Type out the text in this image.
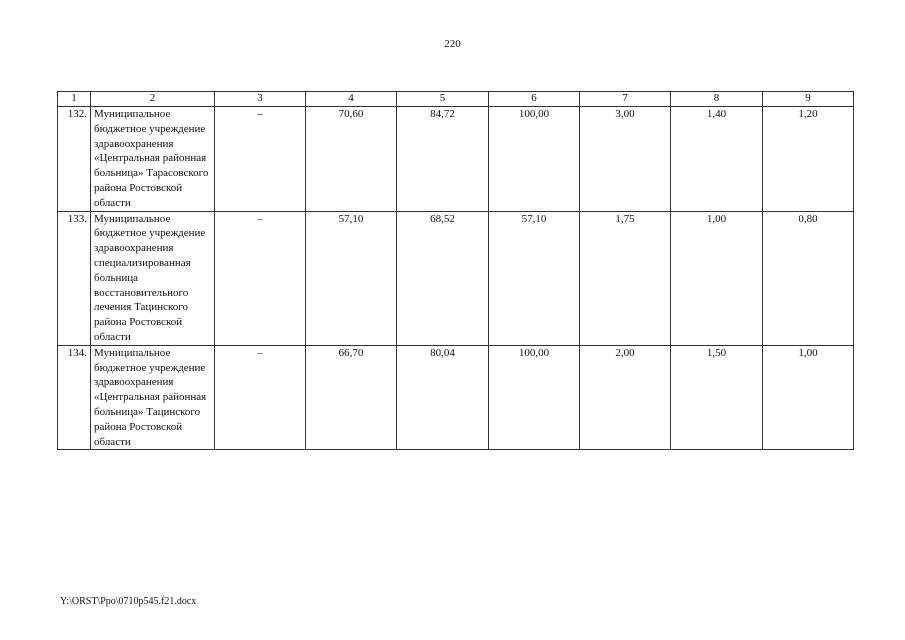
220
1	2	3	4	5	6	7	8	9
132.	Муниципальное бюджетное учреждение здравоохранения «Центральная районная больница» Тарасовского района Ростовской области	–	70,60	84,72	100,00	3,00	1,40	1,20
133.	Муниципальное бюджетное учреждение здравоохранения специализированная больница восстановительного лечения Тацинского района Ростовской области	–	57,10	68,52	57,10	1,75	1,00	0,80
134.	Муниципальное бюджетное учреждение здравоохранения «Центральная районная больница» Тацинского района Ростовской области	–	66,70	80,04	100,00	2,00	1,50	1,00
Y:\ORST\Ppo\0710p545.f21.docx
